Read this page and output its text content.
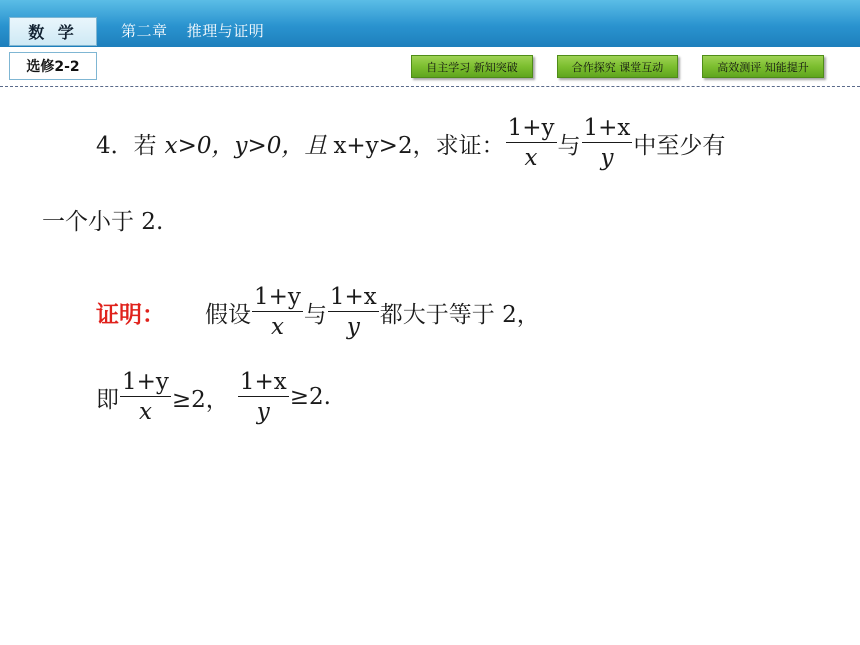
数 学	第二章 推理与证明
选修2-2	自主学习 新知突破	合作探究 课堂互动	高效测评 知能提升
4．若 x>0， y>0，且 x+y>2，求证： $\frac{1+y}{x}$ 与 $\frac{1+x}{y}$ 中至少有
一个小于 2.
证明： 假设 $\frac{1+y}{x}$ 与 $\frac{1+x}{y}$ 都大于等于 2，
即 $\frac{1+y}{x} \ge 2$， $\frac{1+x}{y} \ge 2$.
